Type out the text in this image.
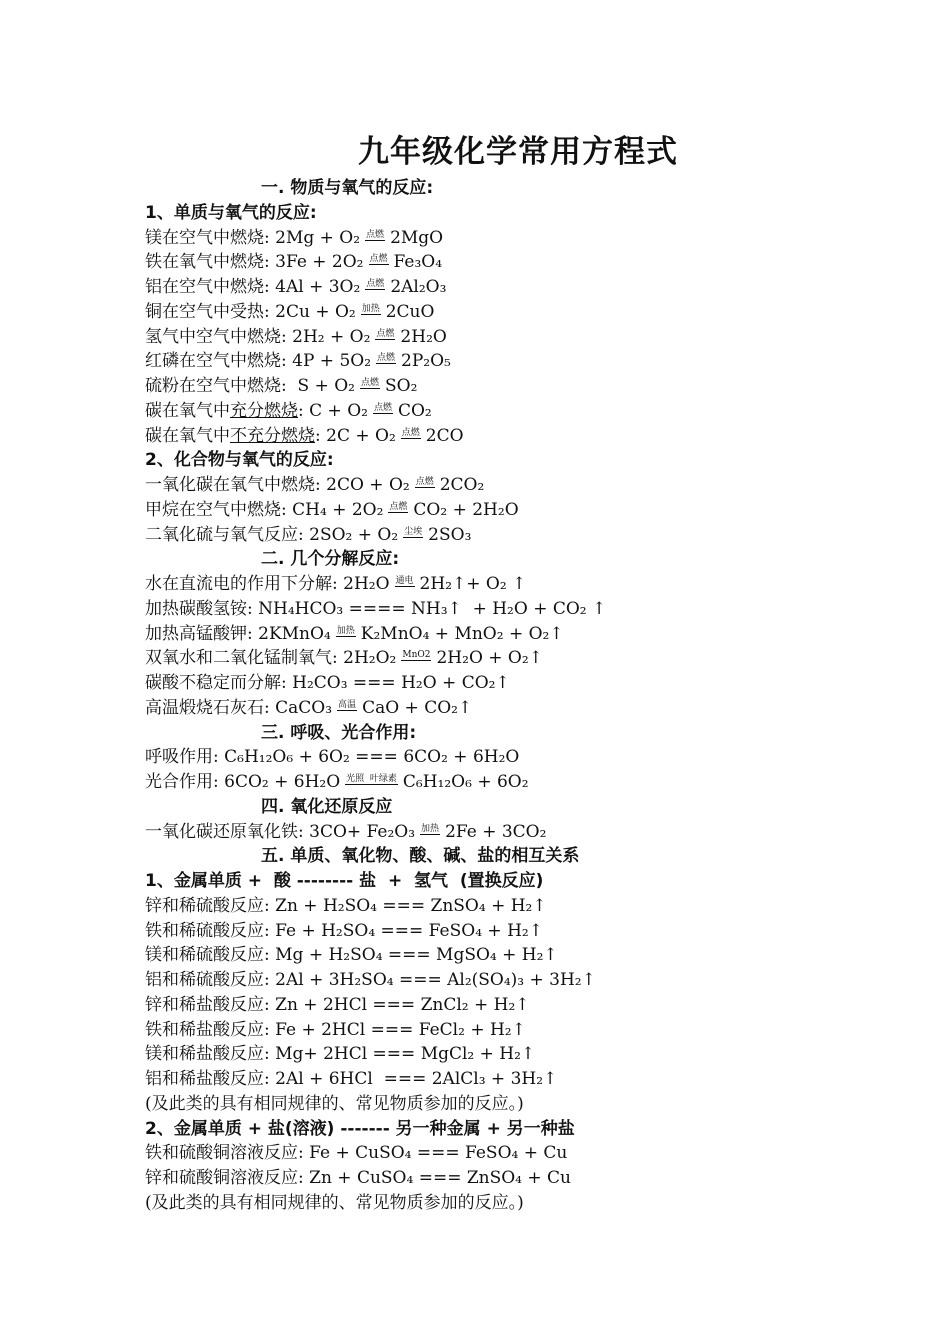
九年级化学常用方程式
一. 物质与氧气的反应:
1、单质与氧气的反应:
镁在空气中燃烧: 2Mg + O₂ 点燃 2MgO
铁在氧气中燃烧: 3Fe + 2O₂ 点燃 Fe₃O₄
铝在空气中燃烧: 4Al + 3O₂ 点燃 2Al₂O₃
铜在空气中受热: 2Cu + O₂ 加热 2CuO
氢气中空气中燃烧: 2H₂ + O₂ 点燃 2H₂O
红磷在空气中燃烧: 4P + 5O₂ 点燃 2P₂O₅
硫粉在空气中燃烧:  S + O₂ 点燃 SO₂
碳在氧气中充分燃烧: C + O₂ 点燃 CO₂
碳在氧气中不充分燃烧: 2C + O₂ 点燃 2CO
2、化合物与氧气的反应:
一氧化碳在氧气中燃烧: 2CO + O₂ 点燃 2CO₂
甲烷在空气中燃烧: CH₄ + 2O₂ 点燃 CO₂ + 2H₂O
二氧化硫与氧气反应: 2SO₂ + O₂ 尘埃 2SO₃
二. 几个分解反应:
水在直流电的作用下分解: 2H₂O 通电 2H₂↑+ O₂ ↑
加热碳酸氢铵: NH₄HCO₃ ==== NH₃↑  + H₂O + CO₂ ↑
加热高锰酸钾: 2KMnO₄ 加热 K₂MnO₄ + MnO₂ + O₂↑
双氧水和二氧化锰制氧气: 2H₂O₂ MnO2 2H₂O + O₂↑
碳酸不稳定而分解: H₂CO₃ === H₂O + CO₂↑
高温煅烧石灰石: CaCO₃ 高温 CaO + CO₂↑
三. 呼吸、光合作用:
呼吸作用: C₆H₁₂O₆ + 6O₂ === 6CO₂ + 6H₂O
光合作用: 6CO₂ + 6H₂O 光照  叶绿素 C₆H₁₂O₆ + 6O₂
四. 氧化还原反应
一氧化碳还原氧化铁: 3CO+ Fe₂O₃ 加热 2Fe + 3CO₂
五. 单质、氧化物、酸、碱、盐的相互关系
1、金属单质 +  酸 -------- 盐  +  氢气  (置换反应)
锌和稀硫酸反应: Zn + H₂SO₄ === ZnSO₄ + H₂↑
铁和稀硫酸反应: Fe + H₂SO₄ === FeSO₄ + H₂↑
镁和稀硫酸反应: Mg + H₂SO₄ === MgSO₄ + H₂↑
铝和稀硫酸反应: 2Al + 3H₂SO₄ === Al₂(SO₄)₃ + 3H₂↑
锌和稀盐酸反应: Zn + 2HCl === ZnCl₂ + H₂↑
铁和稀盐酸反应: Fe + 2HCl === FeCl₂ + H₂↑
镁和稀盐酸反应: Mg+ 2HCl === MgCl₂ + H₂↑
铝和稀盐酸反应: 2Al + 6HCl  === 2AlCl₃ + 3H₂↑
(及此类的具有相同规律的、常见物质参加的反应。)
2、金属单质 + 盐(溶液) ------- 另一种金属 + 另一种盐
铁和硫酸铜溶液反应: Fe + CuSO₄ === FeSO₄ + Cu
锌和硫酸铜溶液反应: Zn + CuSO₄ === ZnSO₄ + Cu
(及此类的具有相同规律的、常见物质参加的反应。)
